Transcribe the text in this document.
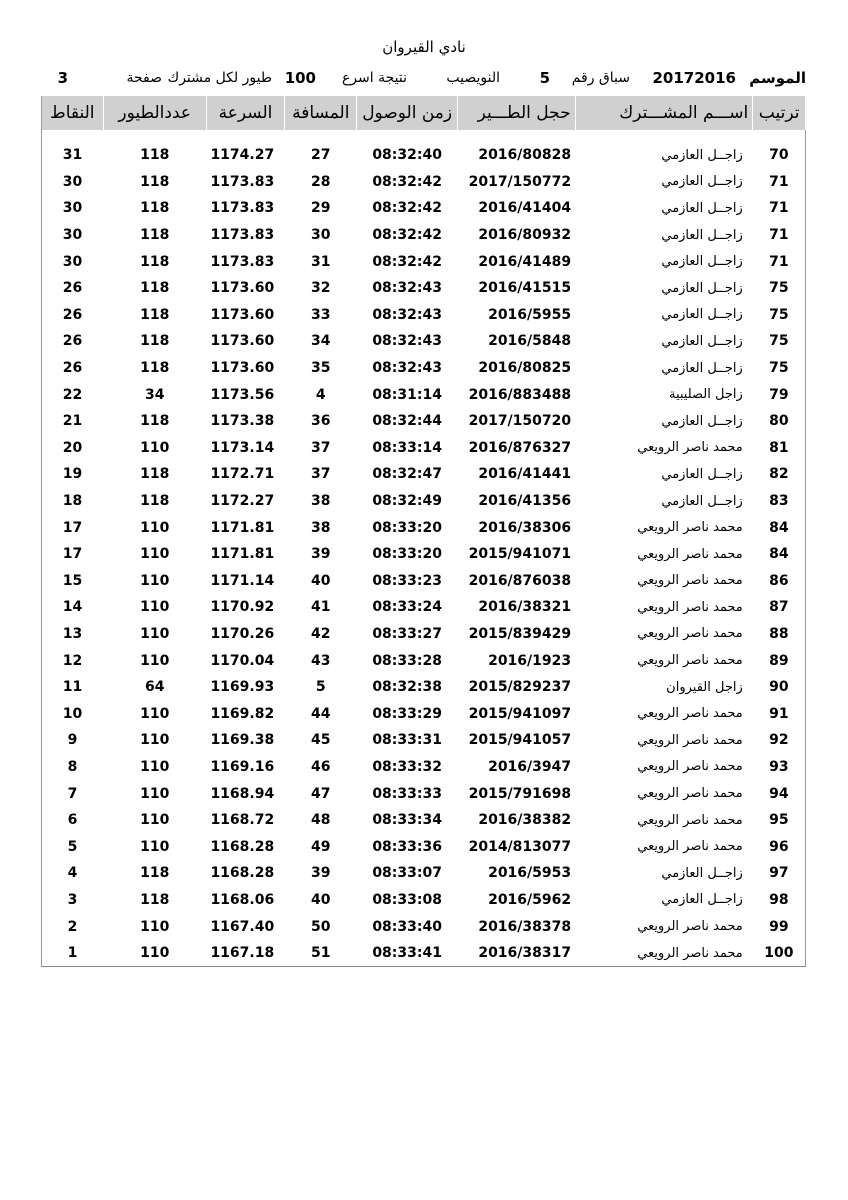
نادي القيروان
الموسم
20172016
سباق رقم
5
النويصيب
نتيجة اسرع
100
طيور لكل مشترك
صفحة
3
النقاط	عددالطيور	السرعة	المسافة	زمن الوصول	حجل الطـــير	اســـم المشـــترك	ترتيب

31	118	1174.27	27	08:32:40	2016/80828	زاجــل العازمي	70
30	118	1173.83	28	08:32:42	2017/150772	زاجــل العازمي	71
30	118	1173.83	29	08:32:42	2016/41404	زاجــل العازمي	71
30	118	1173.83	30	08:32:42	2016/80932	زاجــل العازمي	71
30	118	1173.83	31	08:32:42	2016/41489	زاجــل العازمي	71
26	118	1173.60	32	08:32:43	2016/41515	زاجــل العازمي	75
26	118	1173.60	33	08:32:43	2016/5955	زاجــل العازمي	75
26	118	1173.60	34	08:32:43	2016/5848	زاجــل العازمي	75
26	118	1173.60	35	08:32:43	2016/80825	زاجــل العازمي	75
22	34	1173.56	4	08:31:14	2016/883488	زاجل الصليبية	79
21	118	1173.38	36	08:32:44	2017/150720	زاجــل العازمي	80
20	110	1173.14	37	08:33:14	2016/876327	محمد ناصر الرويعي	81
19	118	1172.71	37	08:32:47	2016/41441	زاجــل العازمي	82
18	118	1172.27	38	08:32:49	2016/41356	زاجــل العازمي	83
17	110	1171.81	38	08:33:20	2016/38306	محمد ناصر الرويعي	84
17	110	1171.81	39	08:33:20	2015/941071	محمد ناصر الرويعي	84
15	110	1171.14	40	08:33:23	2016/876038	محمد ناصر الرويعي	86
14	110	1170.92	41	08:33:24	2016/38321	محمد ناصر الرويعي	87
13	110	1170.26	42	08:33:27	2015/839429	محمد ناصر الرويعي	88
12	110	1170.04	43	08:33:28	2016/1923	محمد ناصر الرويعي	89
11	64	1169.93	5	08:32:38	2015/829237	زاجل القيروان	90
10	110	1169.82	44	08:33:29	2015/941097	محمد ناصر الرويعي	91
9	110	1169.38	45	08:33:31	2015/941057	محمد ناصر الرويعي	92
8	110	1169.16	46	08:33:32	2016/3947	محمد ناصر الرويعي	93
7	110	1168.94	47	08:33:33	2015/791698	محمد ناصر الرويعي	94
6	110	1168.72	48	08:33:34	2016/38382	محمد ناصر الرويعي	95
5	110	1168.28	49	08:33:36	2014/813077	محمد ناصر الرويعي	96
4	118	1168.28	39	08:33:07	2016/5953	زاجــل العازمي	97
3	118	1168.06	40	08:33:08	2016/5962	زاجــل العازمي	98
2	110	1167.40	50	08:33:40	2016/38378	محمد ناصر الرويعي	99
1	110	1167.18	51	08:33:41	2016/38317	محمد ناصر الرويعي	100
